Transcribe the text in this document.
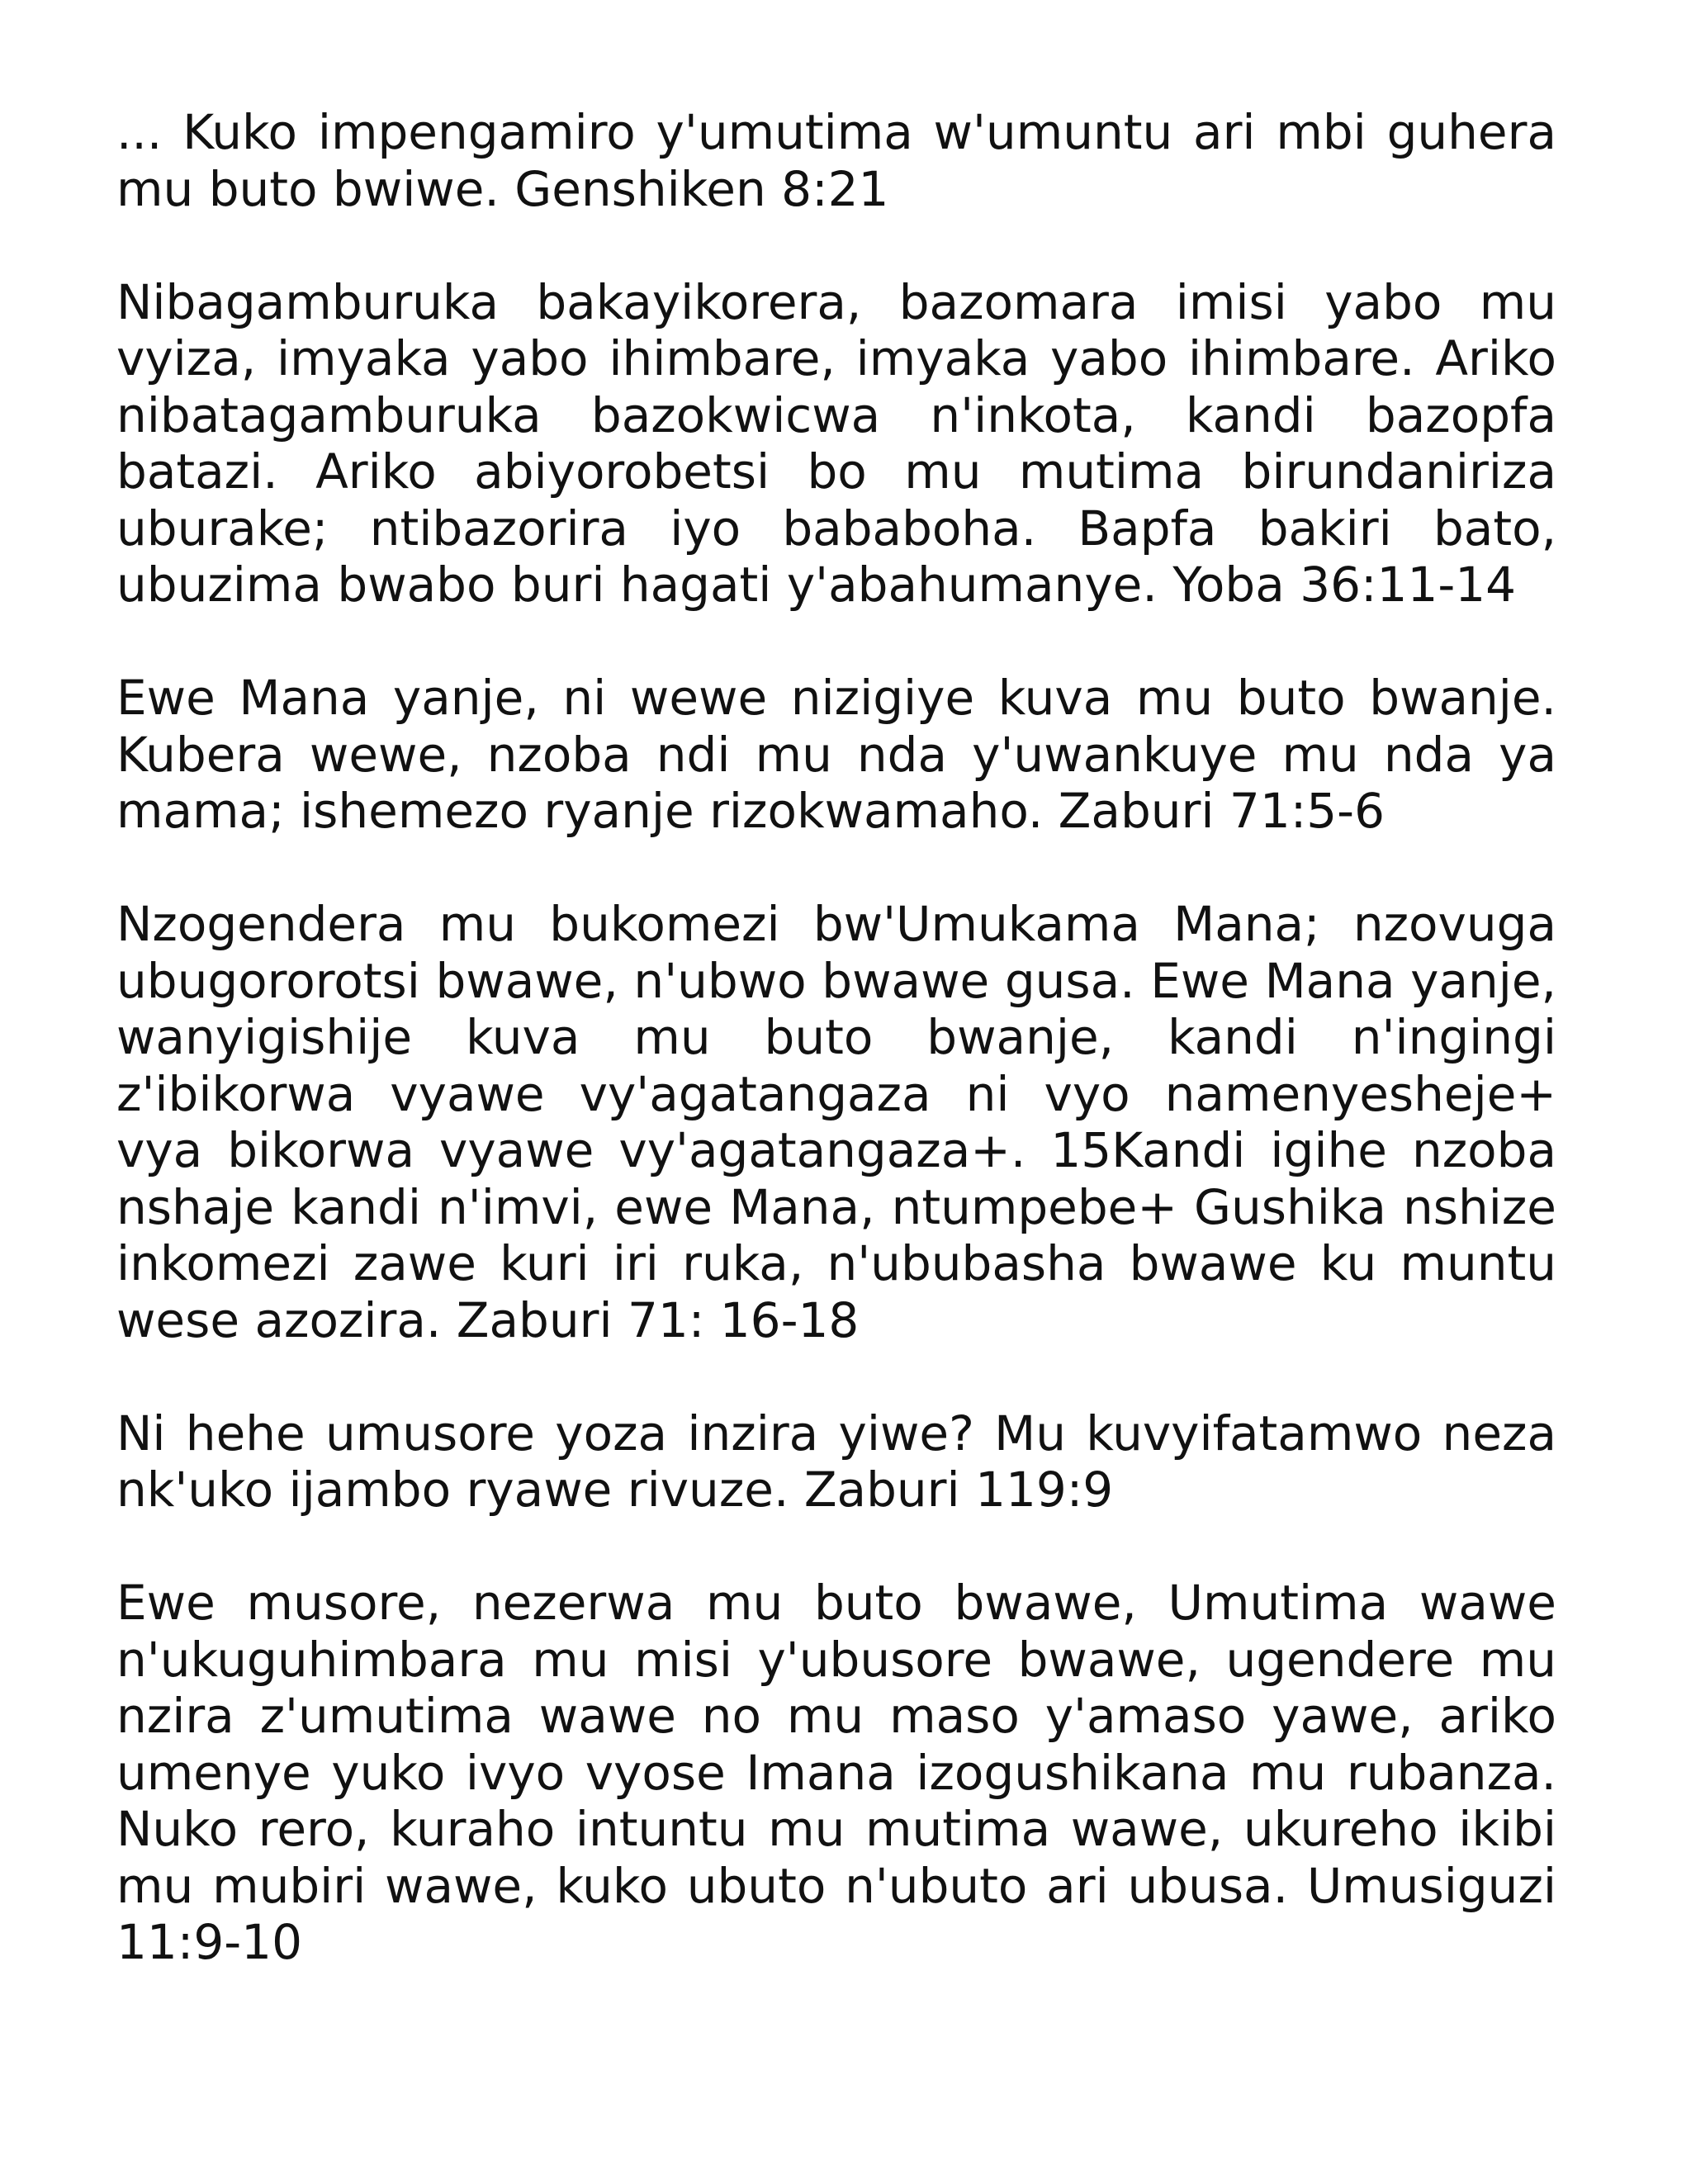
... Kuko impengamiro y'umutima w'umuntu ari mbi guhera mu buto bwiwe. Genshiken 8:21

Nibagamburuka bakayikorera, bazomara imisi yabo mu vyiza, imyaka yabo ihimbare, imyaka yabo ihimbare. Ariko nibatagamburuka bazokwicwa n'inkota, kandi bazopfa batazi. Ariko abiyorobetsi bo mu mutima birundaniriza uburake; ntibazorira iyo bababoha. Bapfa bakiri bato, ubuzima bwabo buri hagati y'abahumanye. Yoba 36:11-14

Ewe Mana yanje, ni wewe nizigiye kuva mu buto bwanje. Kubera wewe, nzoba ndi mu nda y'uwankuye mu nda ya mama; ishemezo ryanje rizokwamaho. Zaburi 71:5-6

Nzogendera mu bukomezi bw'Umukama Mana; nzovuga ubugororotsi bwawe, n'ubwo bwawe gusa. Ewe Mana yanje, wanyigishije kuva mu buto bwanje, kandi n'ingingi z'ibikorwa vyawe vy'agatangaza ni vyo namenyesheje+ vya bikorwa vyawe vy'agatangaza+. 15Kandi igihe nzoba nshaje kandi n'imvi, ewe Mana, ntumpebe+ Gushika nshize inkomezi zawe kuri iri ruka, n'ububasha bwawe ku muntu wese azozira. Zaburi 71: 16-18

Ni hehe umusore yoza inzira yiwe? Mu kuvyifatamwo neza nk'uko ijambo ryawe rivuze. Zaburi 119:9

Ewe musore, nezerwa mu buto bwawe, Umutima wawe n'ukuguhimbara mu misi y'ubusore bwawe, ugendere mu nzira z'umutima wawe no mu maso y'amaso yawe, ariko umenye yuko ivyo vyose Imana izogushikana mu rubanza. Nuko rero, kuraho intuntu mu mutima wawe, ukureho ikibi mu mubiri wawe, kuko ubuto n'ubuto ari ubusa. Umusiguzi 11:9-10
